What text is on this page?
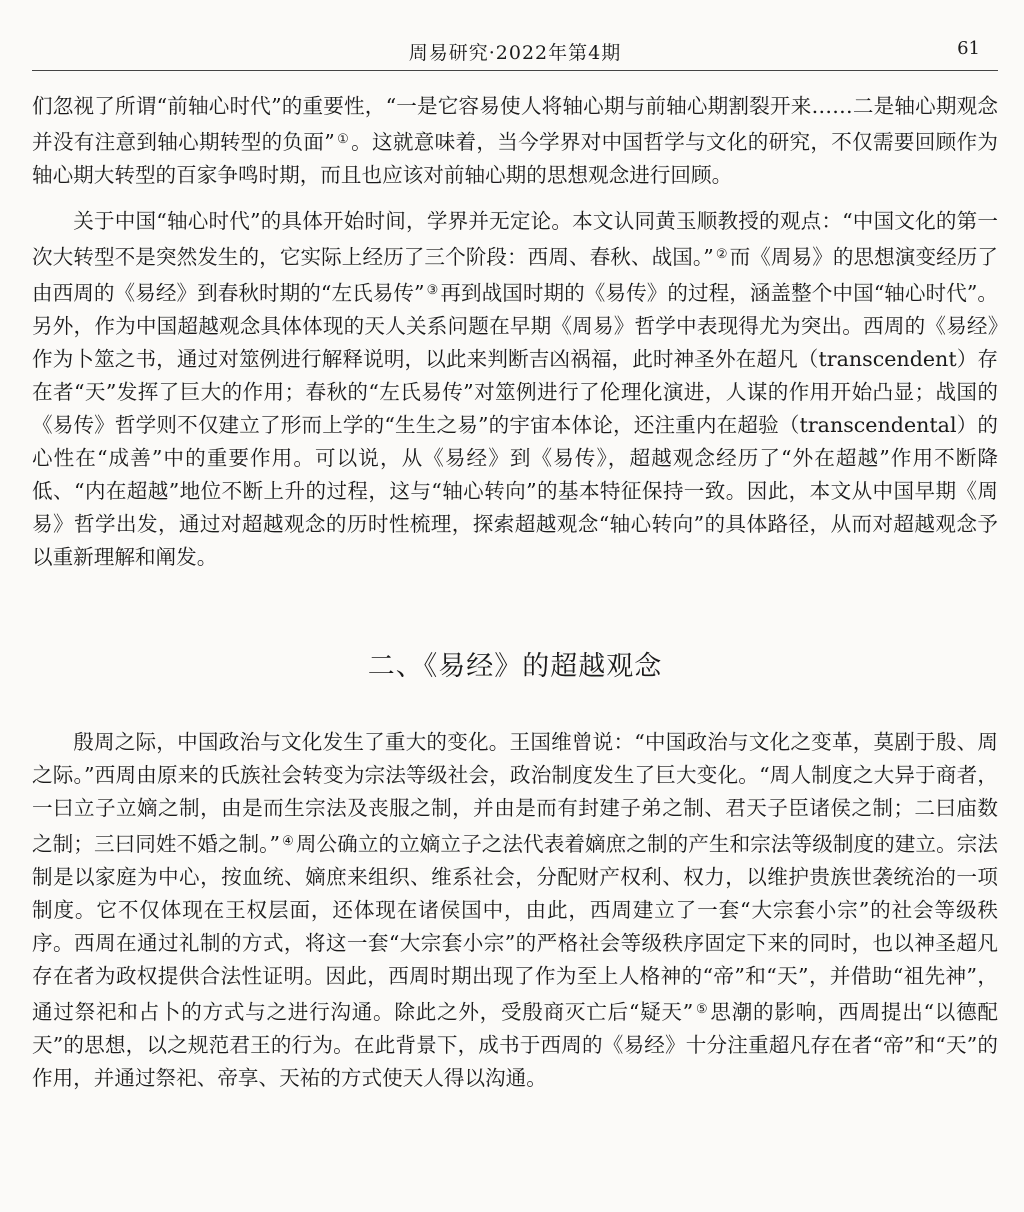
周易研究·2022年第4期	61

们忽视了所谓“前轴心时代”的重要性，“一是它容易使人将轴心期与前轴心期割裂开来……二是轴心期观念并没有注意到轴心期转型的负面” ①。这就意味着，当今学界对中国哲学与文化的研究，不仅需要回顾作为轴心期大转型的百家争鸣时期，而且也应该对前轴心期的思想观念进行回顾。

关于中国“轴心时代”的具体开始时间，学界并无定论。本文认同黄玉顺教授的观点：“中国文化的第一次大转型不是突然发生的，它实际上经历了三个阶段：西周、春秋、战国。” ②而《周易》的思想演变经历了由西周的《易经》到春秋时期的“左氏易传” ③再到战国时期的《易传》的过程，涵盖整个中国“轴心时代”。另外，作为中国超越观念具体体现的天人关系问题在早期《周易》哲学中表现得尤为突出。西周的《易经》作为卜筮之书，通过对筮例进行解释说明，以此来判断吉凶祸福，此时神圣外在超凡（transcendent）存在者“天”发挥了巨大的作用；春秋的“左氏易传”对筮例进行了伦理化演进，人谋的作用开始凸显；战国的《易传》哲学则不仅建立了形而上学的“生生之易”的宇宙本体论，还注重内在超验（transcendental）的心性在“成善”中的重要作用。可以说，从《易经》到《易传》，超越观念经历了“外在超越”作用不断降低、“内在超越”地位不断上升的过程，这与“轴心转向”的基本特征保持一致。因此，本文从中国早期《周易》哲学出发，通过对超越观念的历时性梳理，探索超越观念“轴心转向”的具体路径，从而对超越观念予以重新理解和阐发。

二、《易经》的超越观念

殷周之际，中国政治与文化发生了重大的变化。王国维曾说：“中国政治与文化之变革，莫剧于殷、周之际。”西周由原来的氏族社会转变为宗法等级社会，政治制度发生了巨大变化。“周人制度之大异于商者，一曰立子立嫡之制，由是而生宗法及丧服之制，并由是而有封建子弟之制、君天子臣诸侯之制；二曰庙数之制；三曰同姓不婚之制。” ④周公确立的立嫡立子之法代表着嫡庶之制的产生和宗法等级制度的建立。宗法制是以家庭为中心，按血统、嫡庶来组织、维系社会，分配财产权利、权力，以维护贵族世袭统治的一项制度。它不仅体现在王权层面，还体现在诸侯国中，由此，西周建立了一套“大宗套小宗”的社会等级秩序。西周在通过礼制的方式，将这一套“大宗套小宗”的严格社会等级秩序固定下来的同时，也以神圣超凡存在者为政权提供合法性证明。因此，西周时期出现了作为至上人格神的“帝”和“天”，并借助“祖先神”，通过祭祀和占卜的方式与之进行沟通。除此之外，受殷商灭亡后“疑天” ⑤思潮的影响，西周提出“以德配天”的思想，以之规范君王的行为。在此背景下，成书于西周的《易经》十分注重超凡存在者“帝”和“天”的作用，并通过祭祀、帝享、天祐的方式使天人得以沟通。
